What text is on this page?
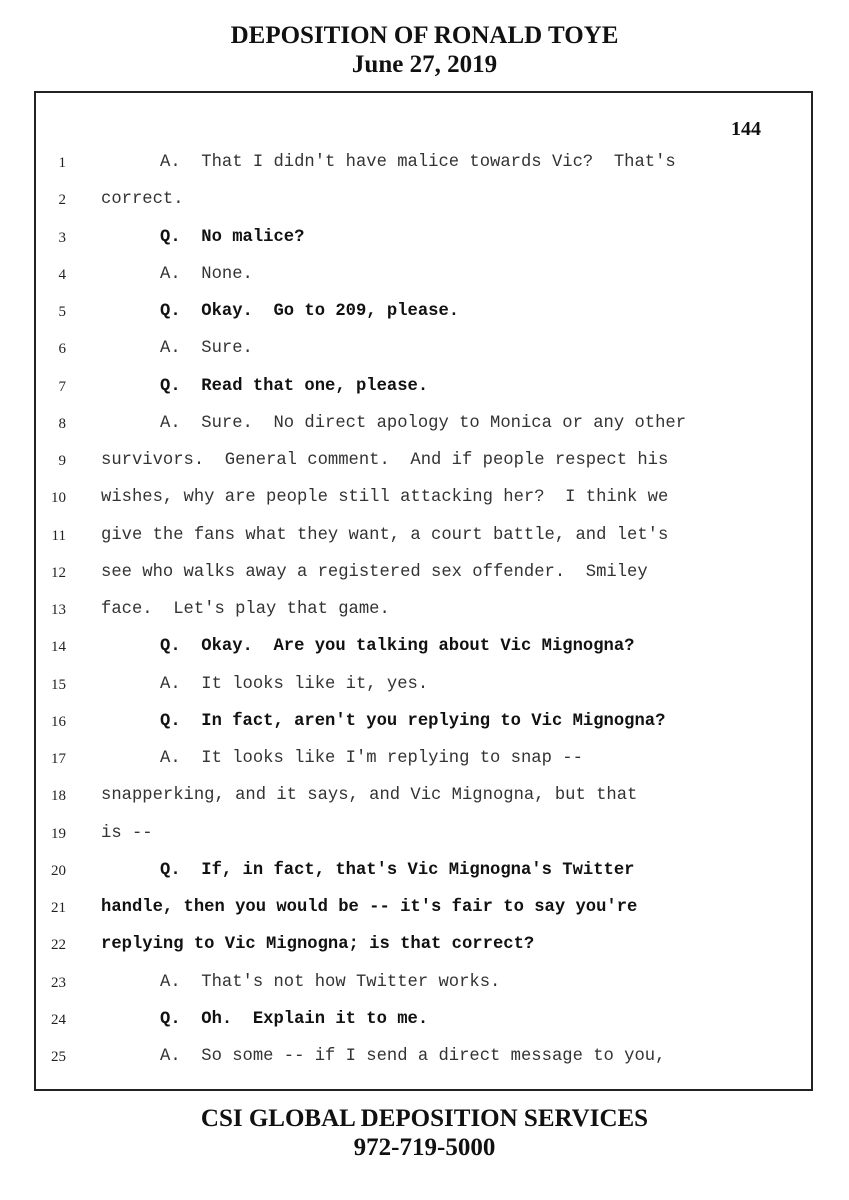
DEPOSITION OF RONALD TOYE
June 27, 2019
144
1	A.  That I didn't have malice towards Vic?  That's
2 correct.
3	Q.  No malice?
4	A.  None.
5	Q.  Okay.  Go to 209, please.
6	A.  Sure.
7	Q.  Read that one, please.
8	A.  Sure.  No direct apology to Monica or any other
9 survivors.  General comment.  And if people respect his
10 wishes, why are people still attacking her?  I think we
11 give the fans what they want, a court battle, and let's
12 see who walks away a registered sex offender.  Smiley
13 face.  Let's play that game.
14	Q.  Okay.  Are you talking about Vic Mignogna?
15	A.  It looks like it, yes.
16	Q.  In fact, aren't you replying to Vic Mignogna?
17	A.  It looks like I'm replying to snap --
18 snapperking, and it says, and Vic Mignogna, but that
19 is --
20	Q.  If, in fact, that's Vic Mignogna's Twitter
21 handle, then you would be -- it's fair to say you're
22 replying to Vic Mignogna; is that correct?
23	A.  That's not how Twitter works.
24	Q.  Oh.  Explain it to me.
25	A.  So some -- if I send a direct message to you,
CSI GLOBAL DEPOSITION SERVICES
972-719-5000
